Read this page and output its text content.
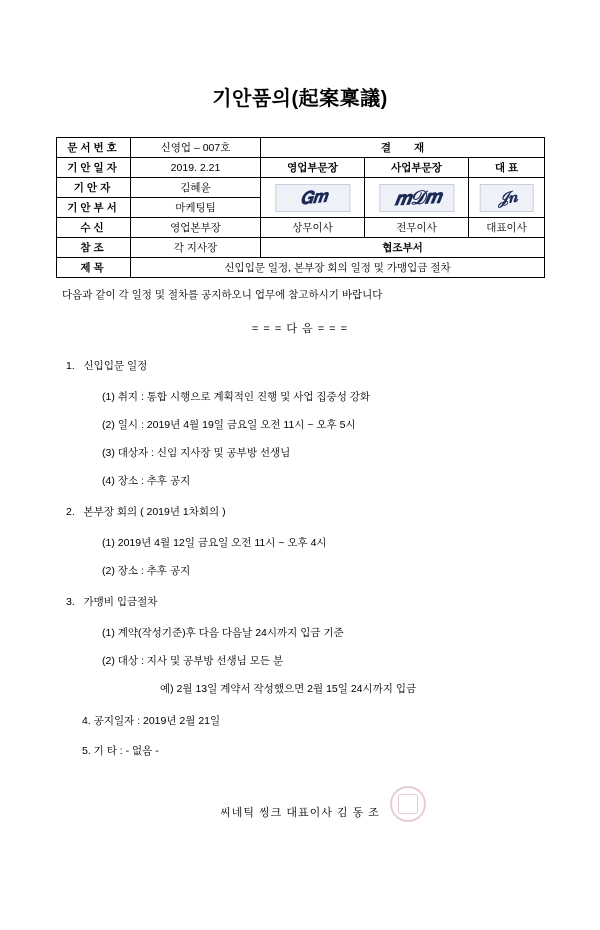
기안품의(起案稟議)
문서번호	신영업 – 007호	결 재		
기안일자	2019. 2.21	영업부문장	사업부문장	대 표
기안자	김혜윤	𝑮𝒎	𝒎𝒟𝒎	𝒥𝒏

기안부서	마케팅팀			
수신	영업본부장	상무이사	전무이사	대표이사
참조	각 지사장	협조부서		
제목	신입입문 일정, 본부장 회의 일정 및 가맹입금 절차			
다음과 같이 각 일정 및 절차를 공지하오니 업무에 참고하시기 바랍니다
= = = 다 음 = = =

1. 신입입문 일정

(1) 취지 : 통합 시행으로 계획적인 진행 및 사업 집중성 강화

(2) 일시 : 2019년 4월 19일 금요일 오전 11시 ~ 오후 5시

(3) 대상자 : 신임 지사장 및 공부방 선생님

(4) 장소 : 추후 공지

2. 본부장 회의 ( 2019년 1차회의 )

(1) 2019년 4월 12일 금요일 오전 11시 ~ 오후 4시

(2) 장소 : 추후 공지

3. 가맹비 입금절차

(1) 계약(작성기준)후 다음 다음날 24시까지 입금 기준

(2) 대상 : 지사 및 공부방 선생님 모든 분

예) 2월 13일 계약서 작성했으면 2월 15일 24시까지 입금

4. 공지일자 : 2019년 2월 21일

5. 기 타 : - 없음 -

씨네틱 씽크 대표이사 김 동 조
